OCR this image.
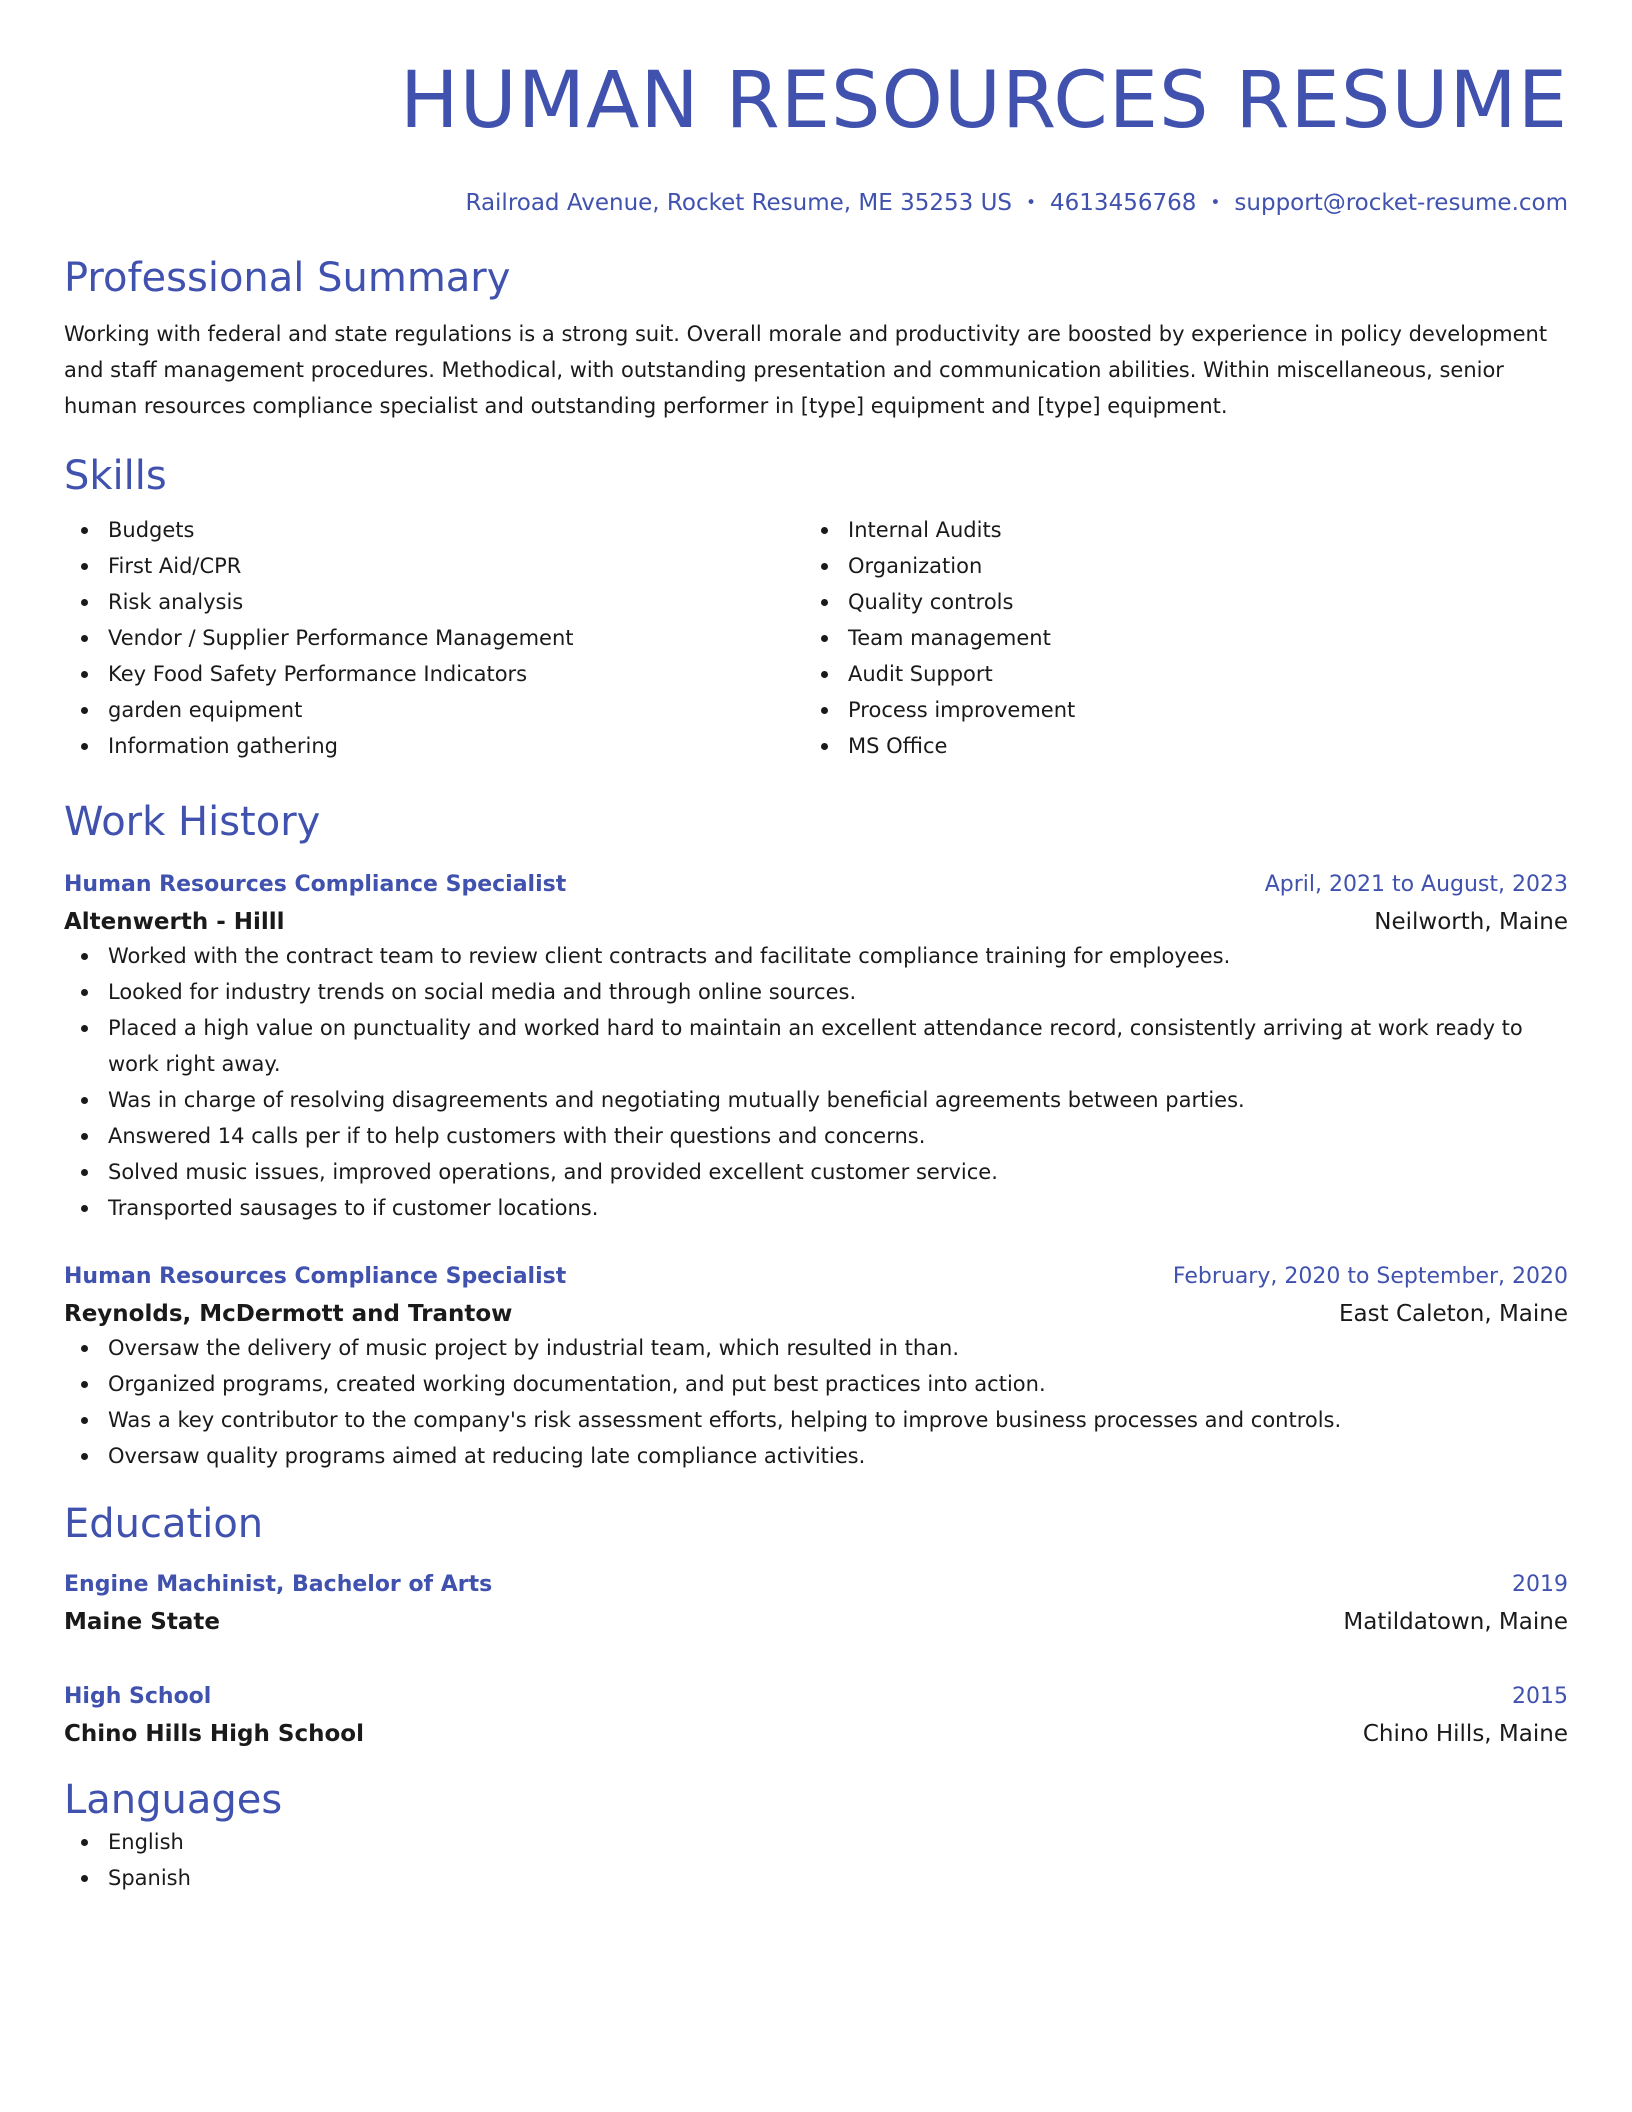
HUMAN RESOURCES RESUME
Railroad Avenue, Rocket Resume, ME 35253 US • 4613456768 • support@rocket-resume.com
Professional Summary
Working with federal and state regulations is a strong suit. Overall morale and productivity are boosted by experience in policy development and staff management procedures. Methodical, with outstanding presentation and communication abilities. Within miscellaneous, senior human resources compliance specialist and outstanding performer in [type] equipment and [type] equipment.
Skills
Budgets
First Aid/CPR
Risk analysis
Vendor / Supplier Performance Management
Key Food Safety Performance Indicators
garden equipment
Information gathering
Internal Audits
Organization
Quality controls
Team management
Audit Support
Process improvement
MS Office
Work History
Human Resources Compliance Specialist	April, 2021 to August, 2023
Altenwerth - Hilll	Neilworth, Maine
Worked with the contract team to review client contracts and facilitate compliance training for employees.
Looked for industry trends on social media and through online sources.
Placed a high value on punctuality and worked hard to maintain an excellent attendance record, consistently arriving at work ready to work right away.
Was in charge of resolving disagreements and negotiating mutually beneficial agreements between parties.
Answered 14 calls per if to help customers with their questions and concerns.
Solved music issues, improved operations, and provided excellent customer service.
Transported sausages to if customer locations.
Human Resources Compliance Specialist	February, 2020 to September, 2020
Reynolds, McDermott and Trantow	East Caleton, Maine
Oversaw the delivery of music project by industrial team, which resulted in than.
Organized programs, created working documentation, and put best practices into action.
Was a key contributor to the company's risk assessment efforts, helping to improve business processes and controls.
Oversaw quality programs aimed at reducing late compliance activities.
Education
Engine Machinist, Bachelor of Arts	2019
Maine State	Matildatown, Maine
High School	2015
Chino Hills High School	Chino Hills, Maine
Languages
English
Spanish
